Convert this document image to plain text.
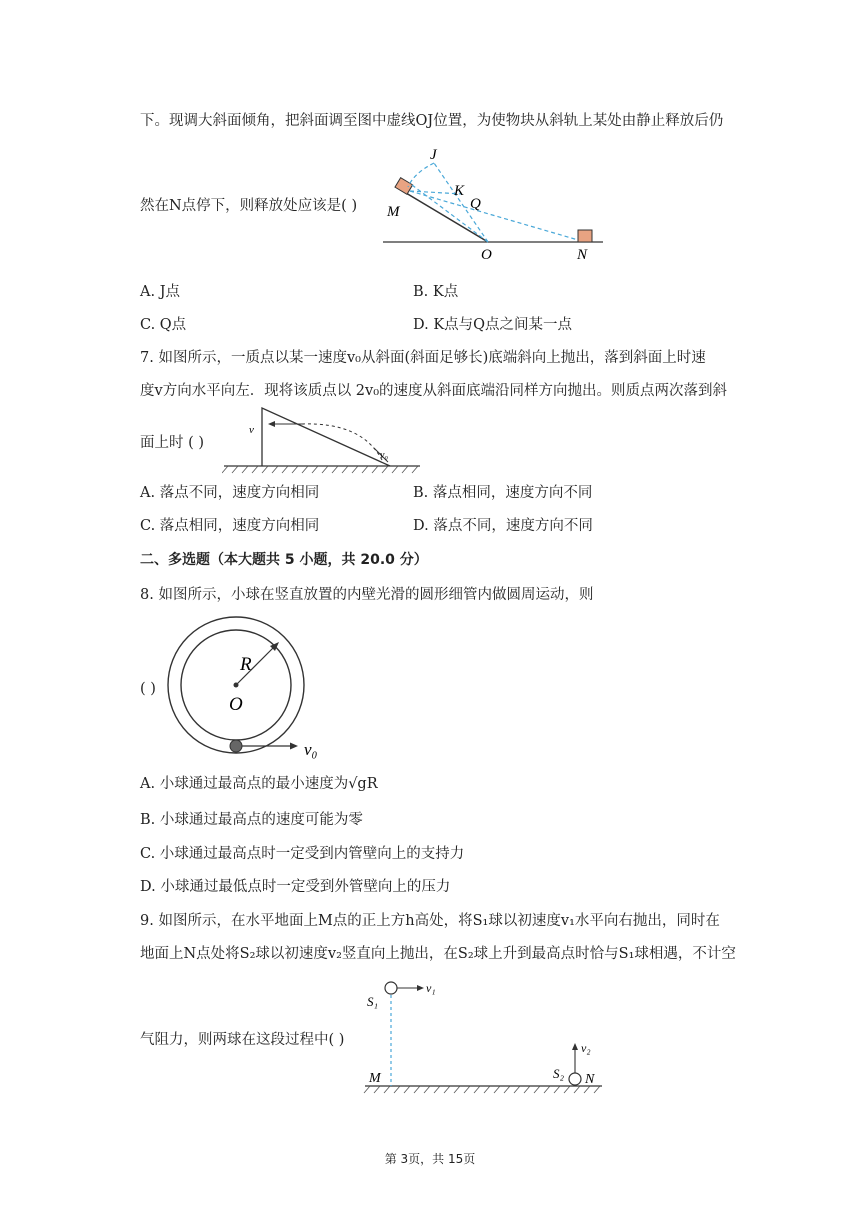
下。现调大斜面倾角，把斜面调至图中虚线OJ位置，为使物块从斜轨上某处由静止释放后仍
J
K
Q
M
O	N
然在N点停下，则释放处应该是( )
A. J点	B. K点
C. Q点	D. K点与Q点之间某一点
7. 如图所示，一质点以某一速度v₀从斜面(斜面足够长)底端斜向上抛出，落到斜面上时速
度v方向水平向左．现将该质点以 2v₀的速度从斜面底端沿同样方向抛出。则质点两次落到斜
v
v₀
面上时 ( )
A. 落点不同，速度方向相同	B. 落点相同，速度方向不同
C. 落点相同，速度方向相同	D. 落点不同，速度方向不同
二、多选题（本大题共 5 小题，共 20.0 分）
8. 如图所示，小球在竖直放置的内壁光滑的圆形细管内做圆周运动，则
R
O
v₀
( )
A. 小球通过最高点的最小速度为√gR
B. 小球通过最高点的速度可能为零
C. 小球通过最高点时一定受到内管壁向上的支持力
D. 小球通过最低点时一定受到外管壁向上的压力
9. 如图所示，在水平地面上M点的正上方h高处，将S₁球以初速度v₁水平向右抛出，同时在
地面上N点处将S₂球以初速度v₂竖直向上抛出，在S₂球上升到最高点时恰与S₁球相遇，不计空
S₁
v₁
v₂
S₂
M	N
气阻力，则两球在这段过程中( )
第 3页，共 15页
